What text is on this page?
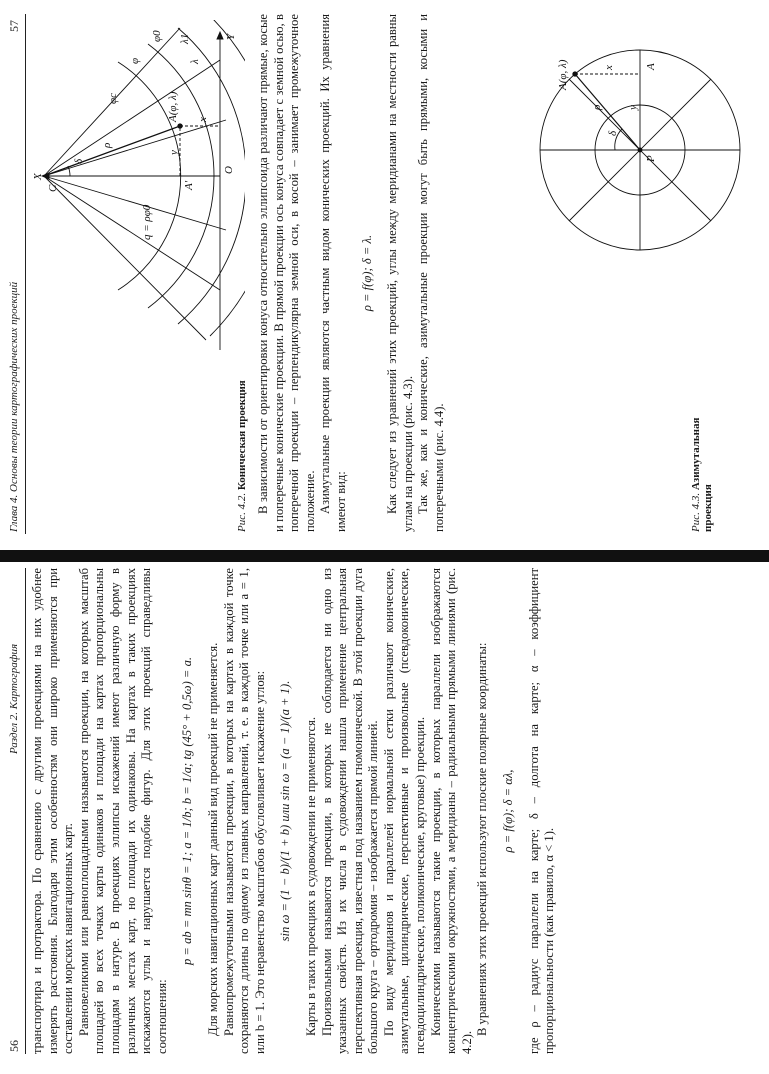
56
Раздел 2. Картография транспортира и протрактора. По сравнению с другими проекциями на них удобнее измерять расстояния. Благодаря этим особенностям они широко применяются при составлении морских навигационных карт. Равновеликими или равноплощадными называются проекции, на которых масштаб площадей во всех точках карты одинаков и площади на картах пропорциональны площадям в натуре. В проекциях эллипсы искажений имеют различную форму в различных местах карт, но площади их одинаковы. На картах в таких проекциях искажаются углы и нарушается подобие фигур. Для этих проекций справедливы соотношения:

p = ab = mn sinθ = 1; a = 1/b; b = 1/a; tg (45° + 0,5ω) = a. Для морских навигационных карт данный вид проекций не применяется. Равнопромежуточными называются проекции, в которых на картах в каждой точке сохраняются длины по одному из главных направлений, т. е. в каждой точке или a = 1, или b = 1. Это неравенство масштабов обусловливает искажение углов: sin ω = (1 − b)/(1 + b) или sin ω = (a − 1)/(a + 1). Карты в таких проекциях в судовождении не применяются. Произвольными называются проекции, в которых не соблюдается ни одно из указанных свойств. Из их числа в судовождении нашла применение центральная перспективная проекция, известная под названием гномонической. В этой проекции дуга большого круга – ортодромия – изображается прямой линией. По виду меридианов и параллелей нормальной сетки различают конические, азимутальные, цилиндрические, перспективные и произвольные (псевдоконические, псевдоцилиндрические, поликонические, круговые) проекции. Коническими называются такие проекции, в которых параллели изображаются концентрическими окружностями, а меридианы – радиальными прямыми линиями (рис. 4.2).

В уравнениях этих проекций используют плоские полярные координаты: ρ = f(φ); δ = αλ, где ρ – радиус параллели на карте; δ – долгота на карте; α – коэффициент пропорциональности (как правило, α < 1).

Глава 4. Основы теории картографических проекций
57
X
C
Y
O
ρ
δ
φc
φ
φ0
λ
λ1
A(φ, λ)
A'
q = ρφ0
y
x
Рис. 4.2. Коническая проекция В зависимости от ориентировки конуса относительно эллипсоида различают прямые, косые и поперечные конические проекции. В прямой проекции ось конуса совпадает с земной осью, в поперечной проекции – перпендикулярна земной оси, в косой – занимает промежуточное положение. Азимутальные проекции являются частным видом конических проекций. Их уравнения имеют вид:

ρ = f(φ); δ = λ. Как следует из уравнений этих проекций, углы между меридианами на местности равны углам на проекции (рис. 4.3). Так же, как и конические, азимутальные проекции могут быть прямыми, косыми и поперечными (рис. 4.4).

A(φ, λ)
ρ
δ
y
x	A
P
Рис. 4.3. Азимутальная проекция
